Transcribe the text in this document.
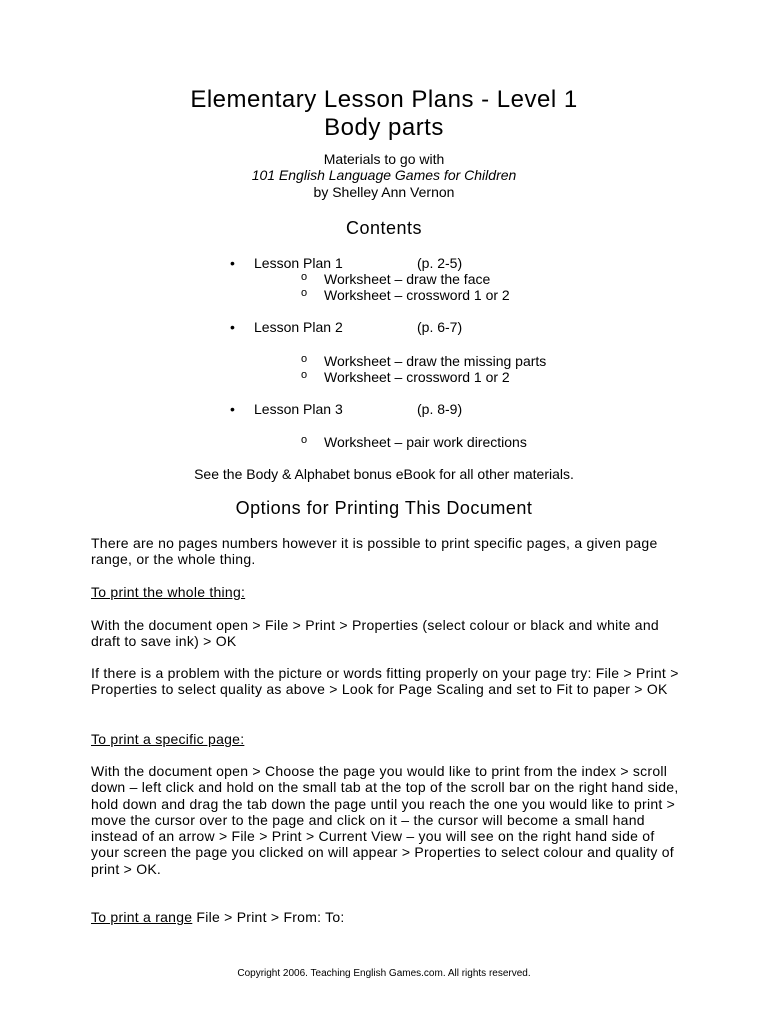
Elementary Lesson Plans - Level 1
Body parts
Materials to go with
101 English Language Games for Children
by Shelley Ann Vernon
Contents
• Lesson Plan 1	(p. 2-5)
o Worksheet – draw the face
o Worksheet – crossword 1 or 2
• Lesson Plan 2	(p. 6-7)
o Worksheet – draw the missing parts
o Worksheet – crossword 1 or 2
• Lesson Plan 3	(p. 8-9)
o Worksheet – pair work directions
See the Body & Alphabet bonus eBook for all other materials.
Options for Printing This Document
There are no pages numbers however it is possible to print specific pages, a given page range, or the whole thing.
To print the whole thing:
With the document open > File > Print > Properties (select colour or black and white and draft to save ink) > OK
If there is a problem with the picture or words fitting properly on your page try: File > Print > Properties to select quality as above > Look for Page Scaling and set to Fit to paper > OK
To print a specific page:
With the document open > Choose the page you would like to print from the index > scroll down – left click and hold on the small tab at the top of the scroll bar on the right hand side, hold down and drag the tab down the page until you reach the one you would like to print > move the cursor over to the page and click on it – the cursor will become a small hand instead of an arrow > File > Print > Current View – you will see on the right hand side of your screen the page you clicked on will appear > Properties to select colour and quality of print > OK.
To print a range File > Print > From: To:
Copyright 2006. Teaching English Games.com. All rights reserved.
